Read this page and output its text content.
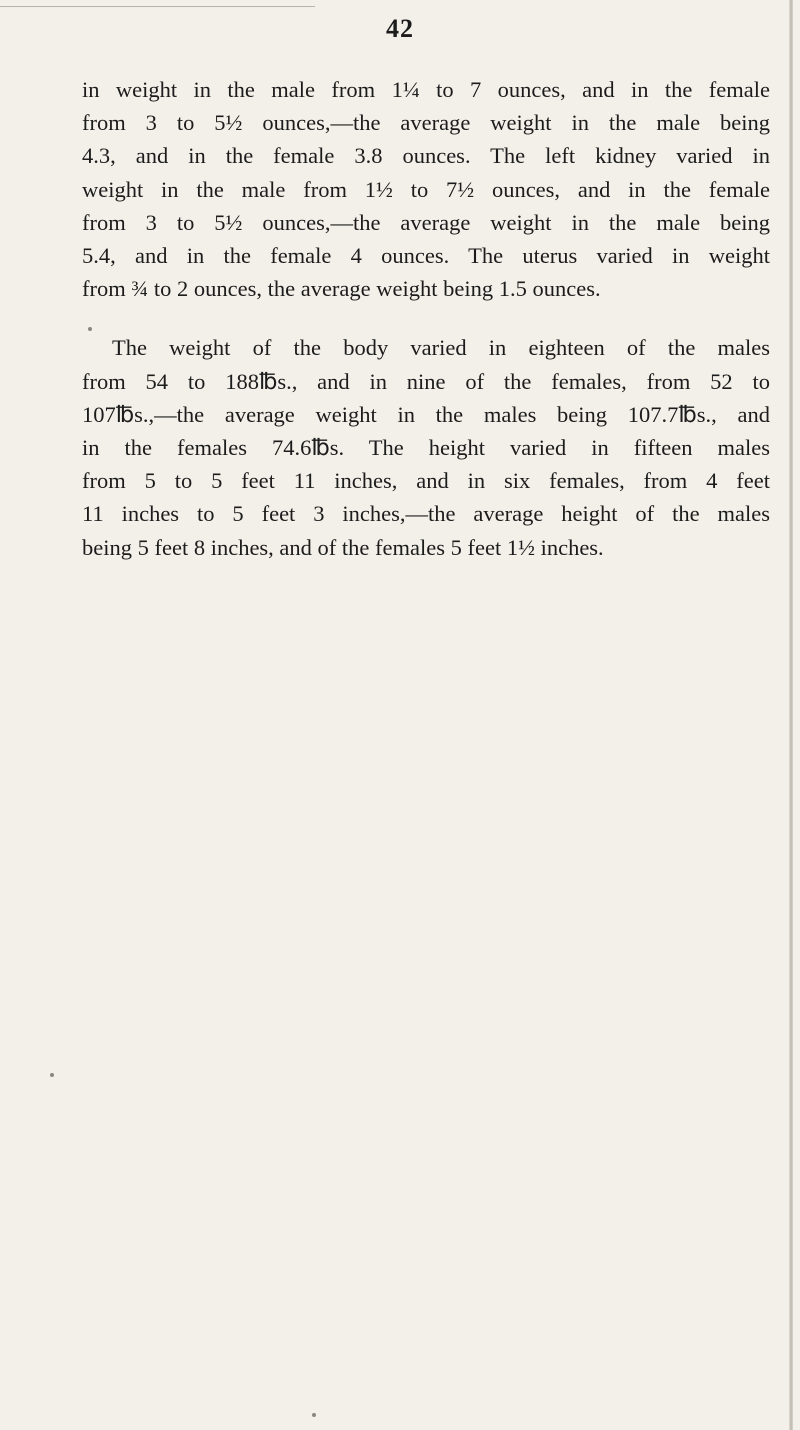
42
in weight in the male from 1¼ to 7 ounces, and in the female
from 3 to 5½ ounces,—the average weight in the male being
4.3, and in the female 3.8 ounces. The left kidney varied in
weight in the male from 1½ to 7½ ounces, and in the female
from 3 to 5½ ounces,—the average weight in the male being
5.4, and in the female 4 ounces. The uterus varied in weight
from ¾ to 2 ounces, the average weight being 1.5 ounces.
The weight of the body varied in eighteen of the males
from 54 to 188℔s., and in nine of the females, from 52 to
107℔s.,—the average weight in the males being 107.7℔s., and
in the females 74.6℔s. The height varied in fifteen males
from 5 to 5 feet 11 inches, and in six females, from 4 feet
11 inches to 5 feet 3 inches,—the average height of the males
being 5 feet 8 inches, and of the females 5 feet 1½ inches.
